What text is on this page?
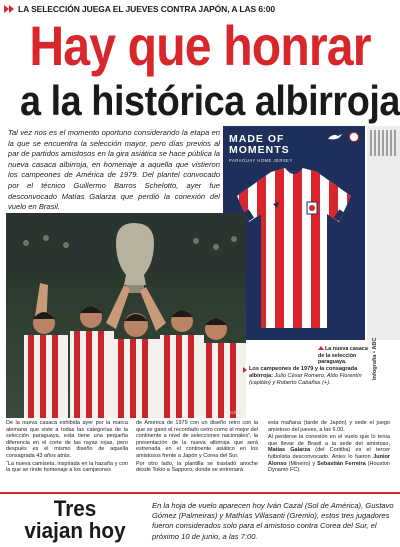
LA SELECCIÓN JUEGA EL JUEVES CONTRA JAPÓN, A LAS 6:00
Hay que honrar
a la histórica albirroja

Tal vez nos es el momento oportuno considerando la etapa en la que se encuentra la selección mayor, pero días previos al par de partidos amistosos en la gira asiática se hace pública la nueva casaca albirroja, en homenaje a aquella que vistieron los campeones de América de 1979. Del plantel convocado por el técnico Guillermo Barros Schelotto, ayer fue desconvocado Matías Galarza que perdió la conexión del vuelo en Brasil.

MADE OF
MOMENTS
PARAGUAY HOME JERSEY
Archivo
La nueva casaca de la selección paraguaya.
Los campeones de 1979 y la consagrada albirroja: Julio César Romero, Aldo Florentín (capitán) y Roberto Cabañas (+).
Infografía • ABC

De la nueva casaca exhibida ayer por la marca alemana que viste a todas las categorías de la selección paraguaya, esta tiene una pequeña diferencia en el corte de las rayas rojas, pero después es el mismo diseño de aquella consagrada 43 años atrás.

“La nueva camiseta, inspirada en la hazaña y con la que se rinde homenaje a los campeones

de América de 1979 con un diseño retro con la que se ganó el recordado cetro como el mejor del continente a nivel de selecciones nacionales”, la presentación de la nueva albirroja que será estrenada en el continente asiático en los amistosos frente a Japón y Corea del Sur.

Por otro lado, la plantilla se trasladó anoche desde Tokio a Sapporo, donde se entrenará

esta mañana (tarde de Japón) y sede el juego amistoso del jueves, a las 6.00.

Al perderse la conexión en el vuelo que lo tenía que llevar de Brasil a la sede del amistoso, Matías Galarza (del Coritiba) es el tercer futbolista desconvocado. Antes lo fueron Junior Alonso (Mineiro) y Sebastián Ferreira (Houston Dynamo FC).

Tres
viajan hoy

En la hoja de vuelo aparecen hoy Iván Cazal (Sol de América), Gustavo Gómez (Palmeiras) y Mathías Villasanti (Gremio), estos tres jugadores fueron considerados solo para el amistoso contra Corea del Sur, el próximo 10 de junio, a las 7:00.
